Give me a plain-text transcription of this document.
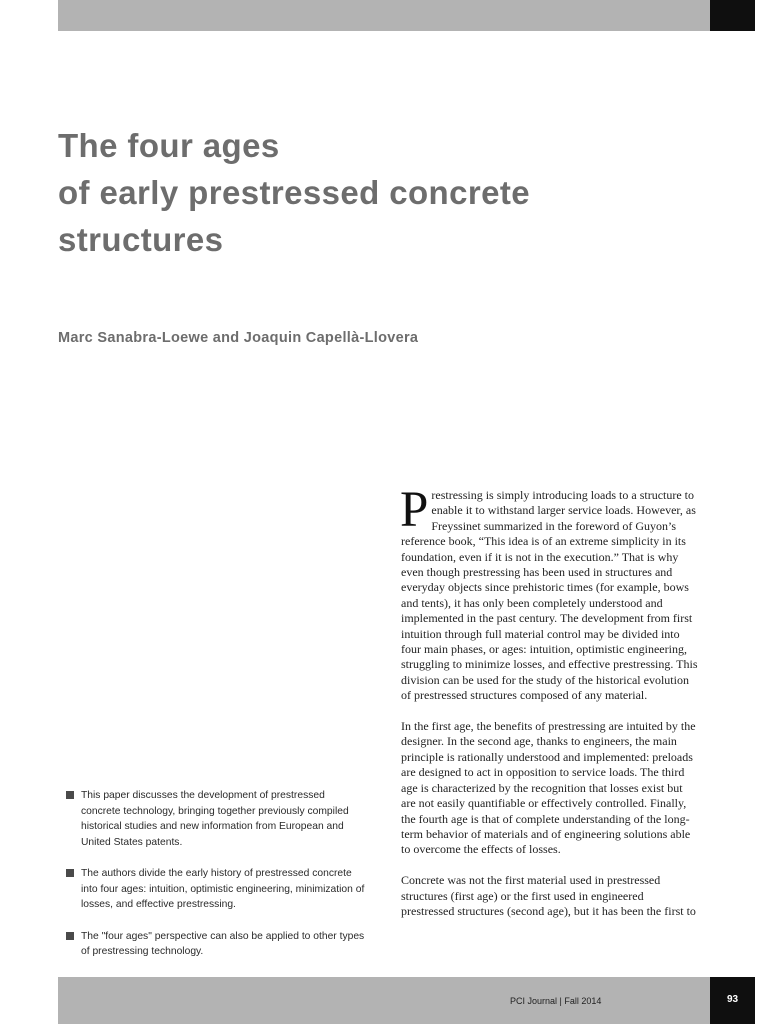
The four ages
of early prestressed concrete
structures
Marc Sanabra-Loewe and Joaquin Capellà-Llovera
This paper discusses the development of prestressed concrete technology, bringing together previously compiled historical studies and new information from European and United States patents.
The authors divide the early history of prestressed concrete into four ages: intuition, optimistic engineering, minimization of losses, and effective prestressing.
The "four ages" perspective can also be applied to other types of prestressing technology.

Prestressing is simply introducing loads to a structure to enable it to withstand larger service loads. However, as Freyssinet summarized in the foreword of Guyon’s reference book, “This idea is of an extreme simplicity in its foundation, even if it is not in the execution.” That is why even though prestressing has been used in structures and everyday objects since prehistoric times (for example, bows and tents), it has only been completely understood and implemented in the past century. The development from first intuition through full material control may be divided into four main phases, or ages: intuition, optimistic engineering, struggling to minimize losses, and effective prestressing. This division can be used for the study of the historical evolution of prestressed structures composed of any material.

In the first age, the benefits of prestressing are intuited by the designer. In the second age, thanks to engineers, the main principle is rationally understood and implemented: preloads are designed to act in opposition to service loads. The third age is characterized by the recognition that losses exist but are not easily quantifiable or effectively controlled. Finally, the fourth age is that of complete understanding of the long-term behavior of materials and of engineering solutions able to overcome the effects of losses.

Concrete was not the first material used in prestressed structures (first age) or the first used in engineered prestressed structures (second age), but it has been the first to

PCI Journal | Fall 2014	93
